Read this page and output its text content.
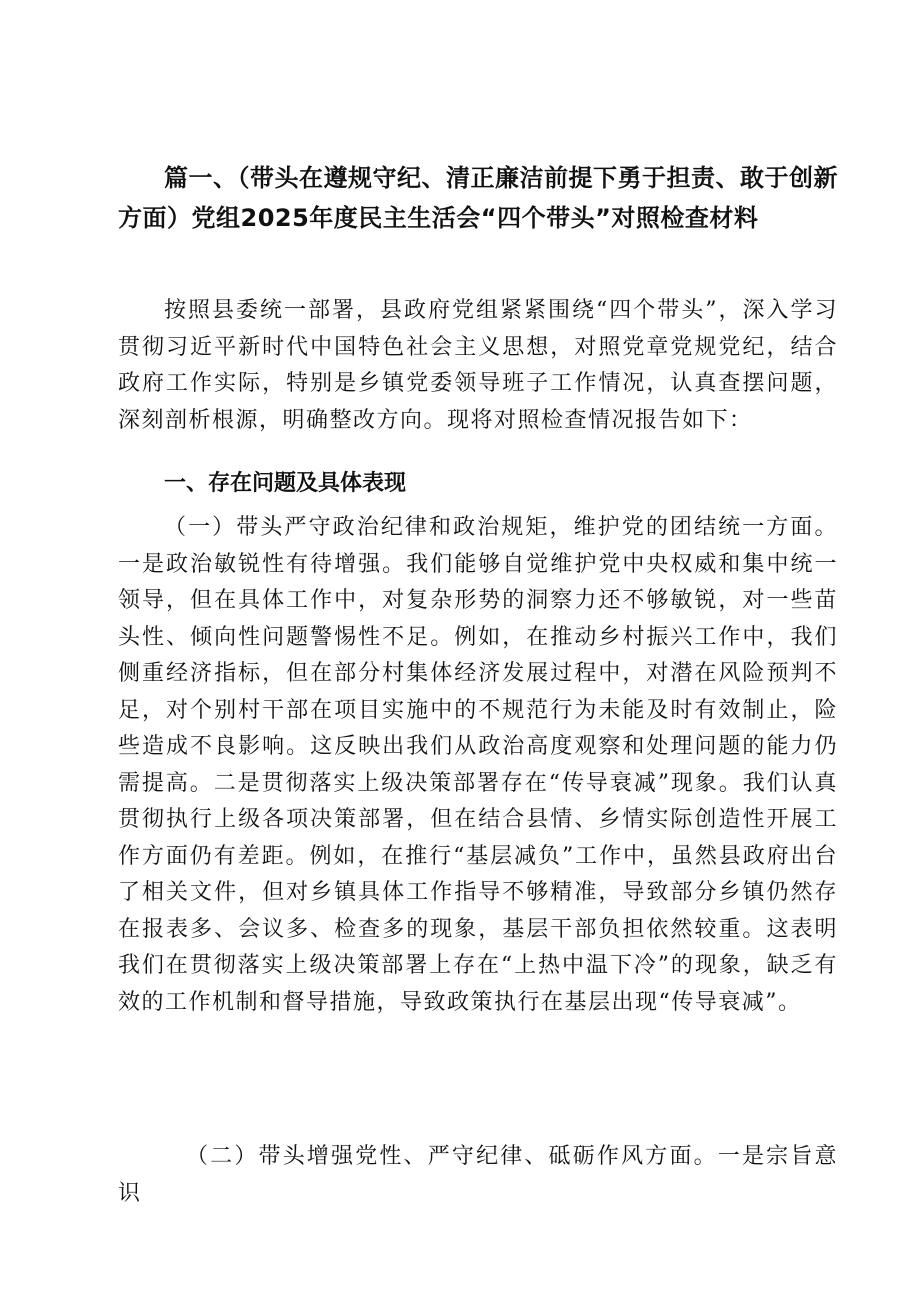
篇一、（带头在遵规守纪、清正廉洁前提下勇于担责、敢于创新方面）党组2025年度民主生活会“四个带头”对照检查材料

按照县委统一部署，县政府党组紧紧围绕“四个带头”，深入学习贯彻习近平新时代中国特色社会主义思想，对照党章党规党纪，结合政府工作实际，特别是乡镇党委领导班子工作情况，认真查摆问题，深刻剖析根源，明确整改方向。现将对照检查情况报告如下：

一、存在问题及具体表现

（一）带头严守政治纪律和政治规矩，维护党的团结统一方面。一是政治敏锐性有待增强。我们能够自觉维护党中央权威和集中统一领导，但在具体工作中，对复杂形势的洞察力还不够敏锐，对一些苗头性、倾向性问题警惕性不足。例如，在推动乡村振兴工作中，我们侧重经济指标，但在部分村集体经济发展过程中，对潜在风险预判不足，对个别村干部在项目实施中的不规范行为未能及时有效制止，险些造成不良影响。这反映出我们从政治高度观察和处理问题的能力仍需提高。二是贯彻落实上级决策部署存在“传导衰减”现象。我们认真贯彻执行上级各项决策部署，但在结合县情、乡情实际创造性开展工作方面仍有差距。例如，在推行“基层减负”工作中，虽然县政府出台了相关文件，但对乡镇具体工作指导不够精准，导致部分乡镇仍然存在报表多、会议多、检查多的现象，基层干部负担依然较重。这表明我们在贯彻落实上级决策部署上存在“上热中温下冷”的现象，缺乏有效的工作机制和督导措施，导致政策执行在基层出现“传导衰减”。

（二）带头增强党性、严守纪律、砥砺作风方面。一是宗旨意识
